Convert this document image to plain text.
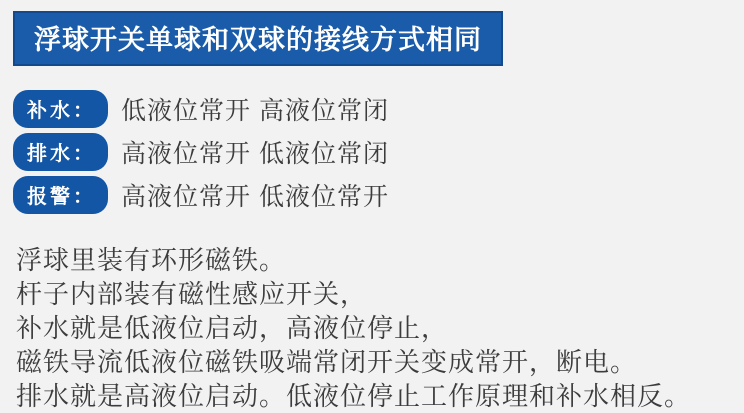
浮球开关单球和双球的接线方式相同
补水：	低液位常开 高液位常闭
排水：	高液位常开 低液位常闭
报警：	高液位常开 低液位常开

浮球里装有环形磁铁。

杆子内部装有磁性感应开关，

补水就是低液位启动，高液位停止，

磁铁导流低液位磁铁吸端常闭开关变成常开，断电。

排水就是高液位启动。低液位停止工作原理和补水相反。
